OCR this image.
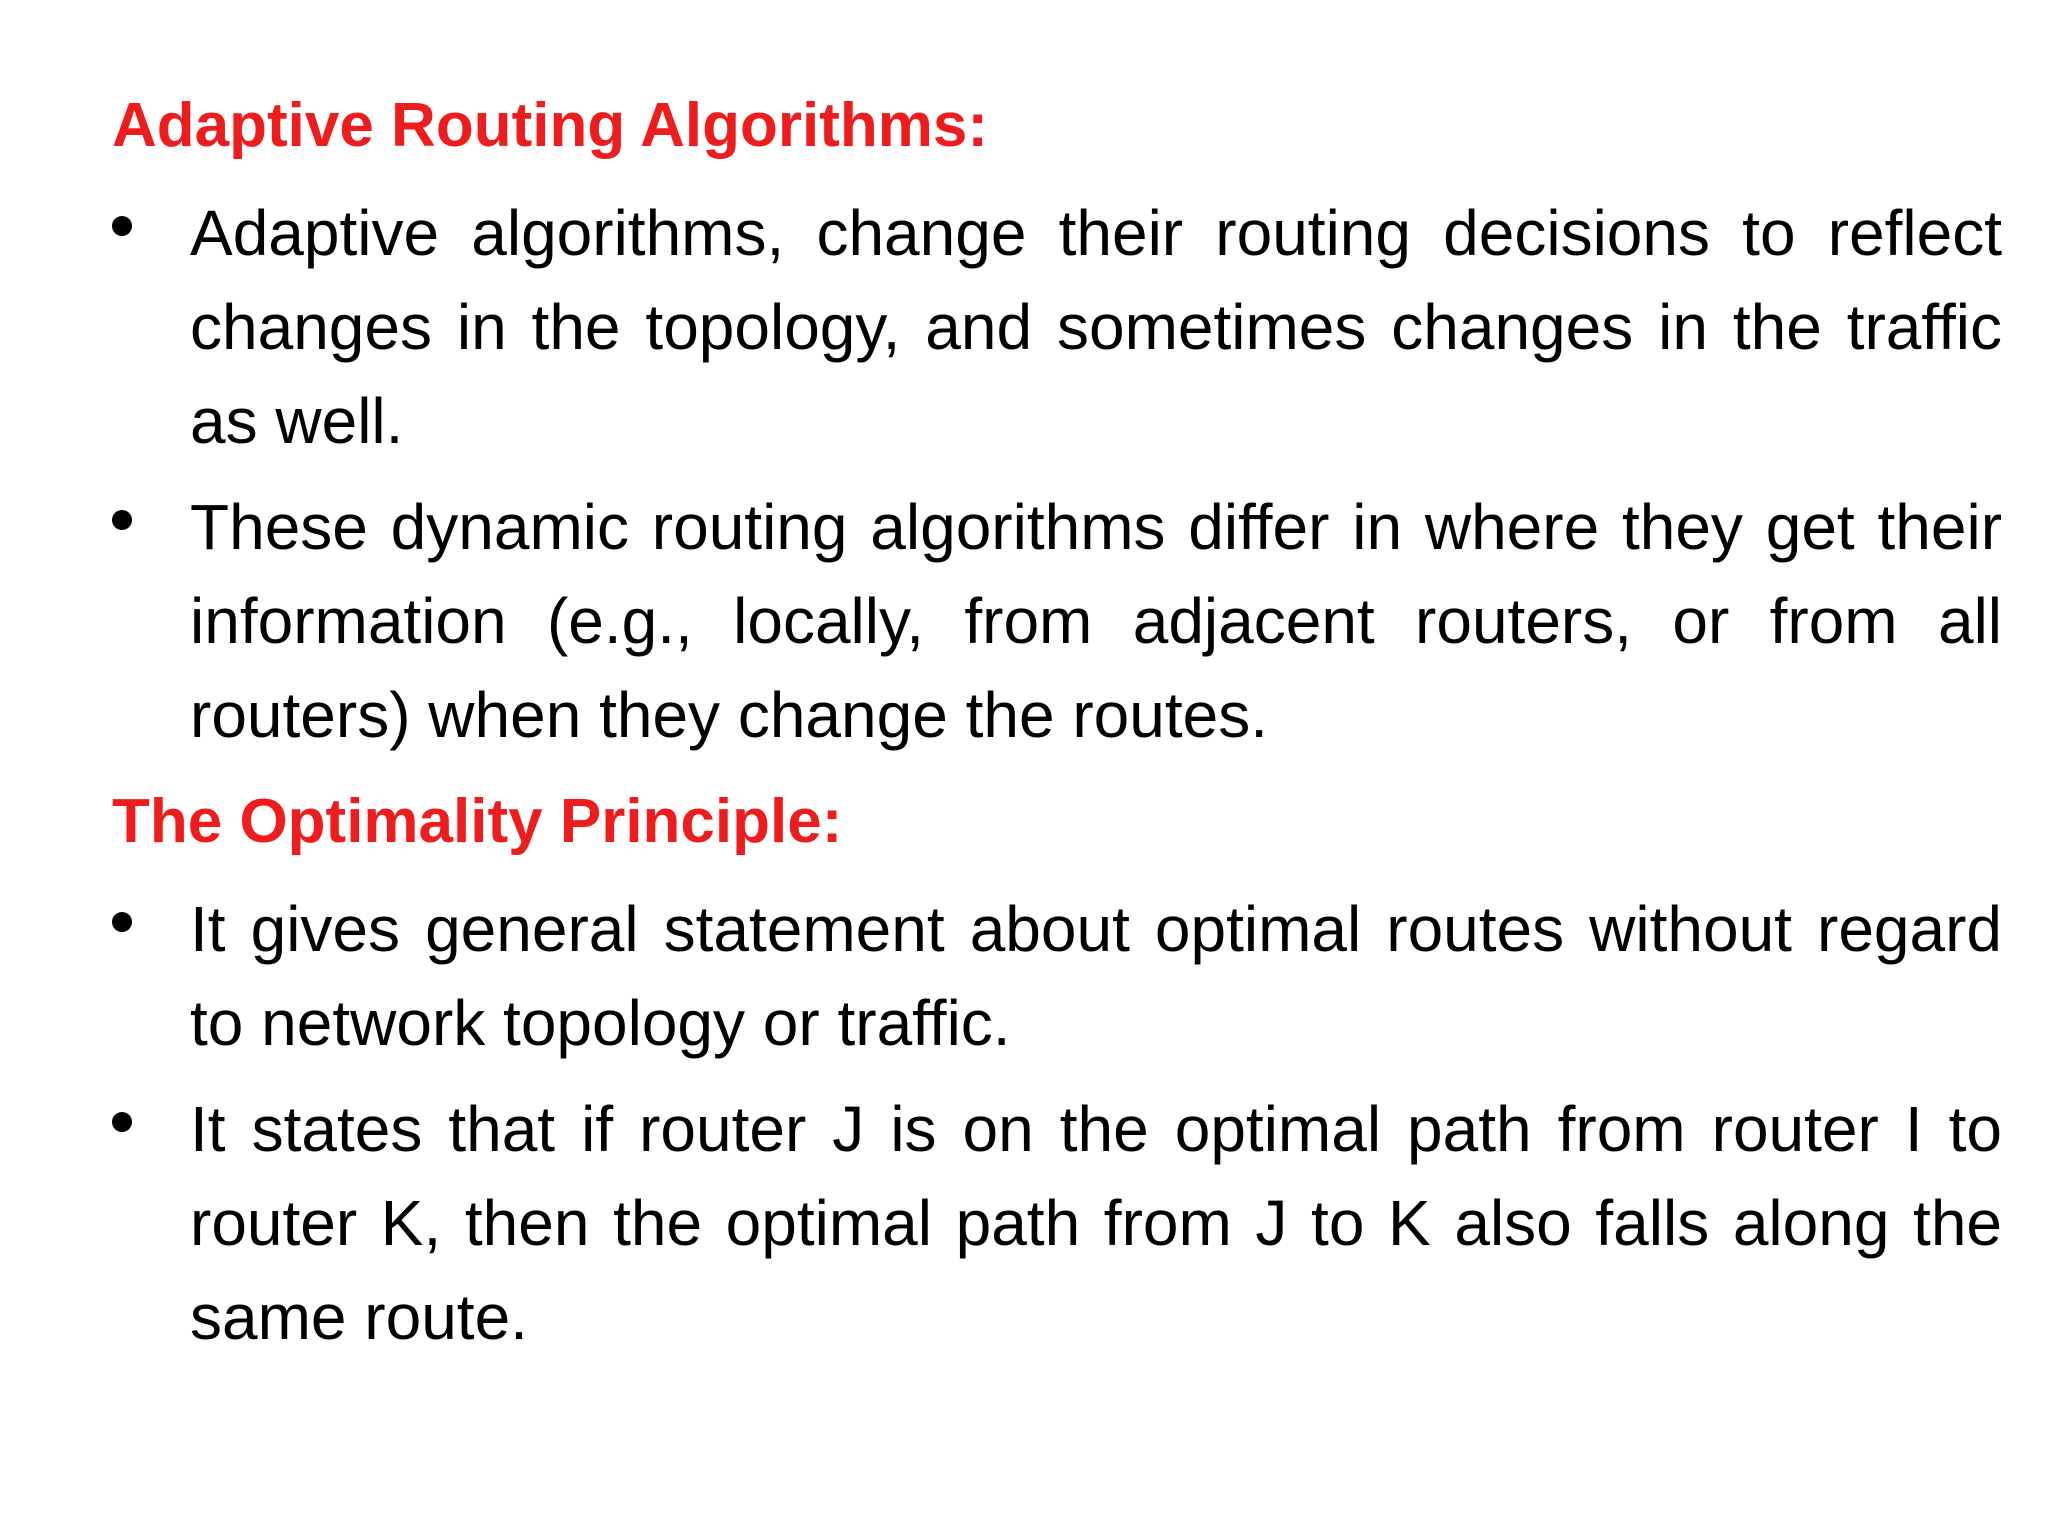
Adaptive Routing Algorithms:
Adaptive algorithms, change their routing decisions to reflect changes in the topology, and sometimes changes in the traffic as well.
These dynamic routing algorithms differ in where they get their information (e.g., locally, from adjacent routers, or from all routers) when they change the routes.
The Optimality Principle:
It gives general statement about optimal routes without regard to network topology or traffic.
It states that if router J is on the optimal path from router I to router K, then the optimal path from J to K also falls along the same route.
